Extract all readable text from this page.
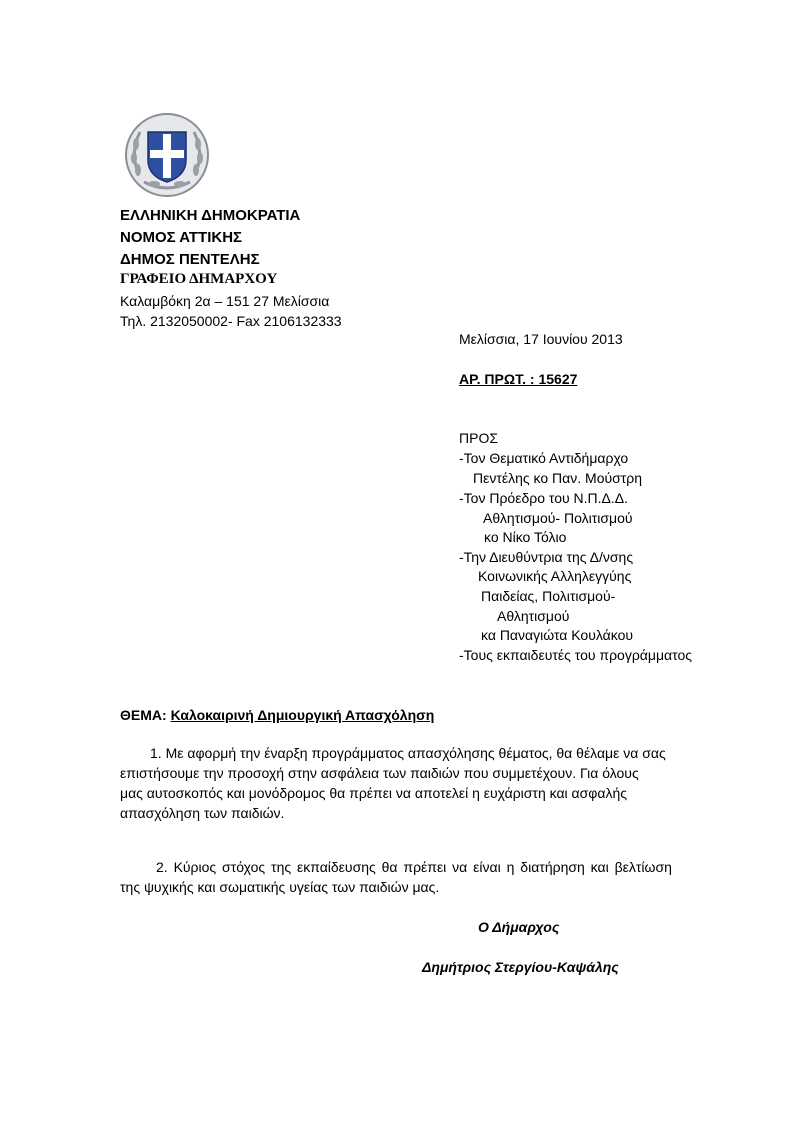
ΕΛΛΗΝΙΚΗ ΔΗΜΟΚΡΑΤΙΑ
ΝΟΜΟΣ ΑΤΤΙΚΗΣ
ΔΗΜΟΣ ΠΕΝΤΕΛΗΣ
ΓΡΑΦΕΙΟ ΔΗΜΑΡΧΟΥ
Καλαμβόκη 2α – 151 27 Μελίσσια
Τηλ. 2132050002- Fax 2106132333
Μελίσσια, 17 Ιουνίου 2013
ΑΡ. ΠΡΩΤ. : 15627
ΠΡΟΣ
-Τον Θεματικό Αντιδήμαρχο
Πεντέλης κο Παν. Μούστρη
-Τον Πρόεδρο του Ν.Π.Δ.Δ.
Αθλητισμού- Πολιτισμού
κο Νίκο Τόλιο
-Την Διευθύντρια της Δ/νσης
Κοινωνικής Αλληλεγγύης
Παιδείας, Πολιτισμού-
Αθλητισμού
κα Παναγιώτα Κουλάκου
-Τους εκπαιδευτές του προγράμματος
ΘΕΜΑ: Καλοκαιρινή Δημιουργική Απασχόληση
1. Με αφορμή την έναρξη προγράμματος απασχόλησης θέματος, θα θέλαμε να σας
επιστήσουμε την προσοχή στην ασφάλεια των παιδιών που συμμετέχουν. Για όλους
μας αυτοσκοπός και μονόδρομος θα πρέπει να αποτελεί η ευχάριστη και ασφαλής
απασχόληση των παιδιών.
2. Κύριος στόχος της εκπαίδευσης θα πρέπει να είναι η διατήρηση και βελτίωση
της ψυχικής και σωματικής υγείας των παιδιών μας.
Ο Δήμαρχος
Δημήτριος Στεργίου-Καψάλης
